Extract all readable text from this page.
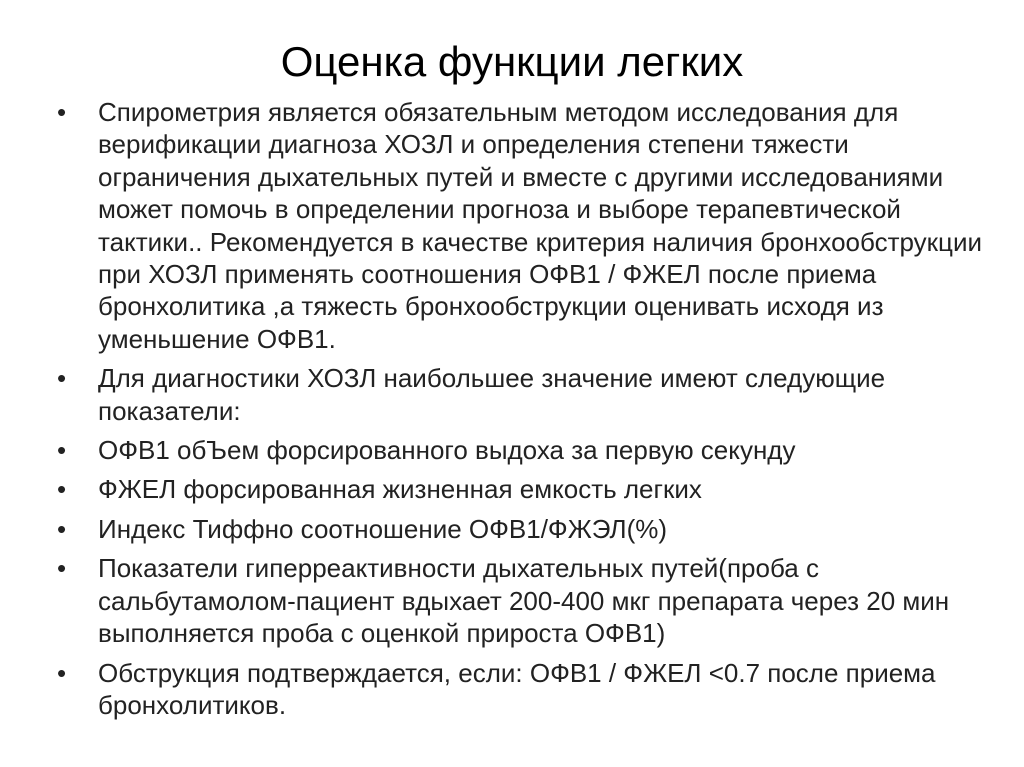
Оценка функции легких
• Спирометрия является обязательным методом исследования для верификации диагноза ХОЗЛ и определения степени тяжести ограничения дыхательных путей и вместе с другими исследованиями может помочь в определении прогноза и выборе терапевтической тактики.. Рекомендуется в качестве критерия наличия бронхообструкции при ХОЗЛ применять соотношения ОФВ1 / ФЖЕЛ после приема бронхолитика ,а тяжесть бронхообструкции оценивать исходя из уменьшение ОФВ1.
• Для диагностики ХОЗЛ наибольшее значение имеют следующие показатели:
• ОФВ1 обЪем форсированного выдоха за первую секунду
• ФЖЕЛ форсированная жизненная емкость легких
• Индекс Тиффно соотношение ОФВ1/ФЖЭЛ(%)
• Показатели гиперреактивности дыхательных путей(проба с сальбутамолом-пациент вдыхает 200-400 мкг препарата через 20 мин выполняется проба с оценкой прироста ОФВ1)
• Обструкция подтверждается, если: ОФВ1 / ФЖЕЛ <0.7 после приема бронхолитиков.
